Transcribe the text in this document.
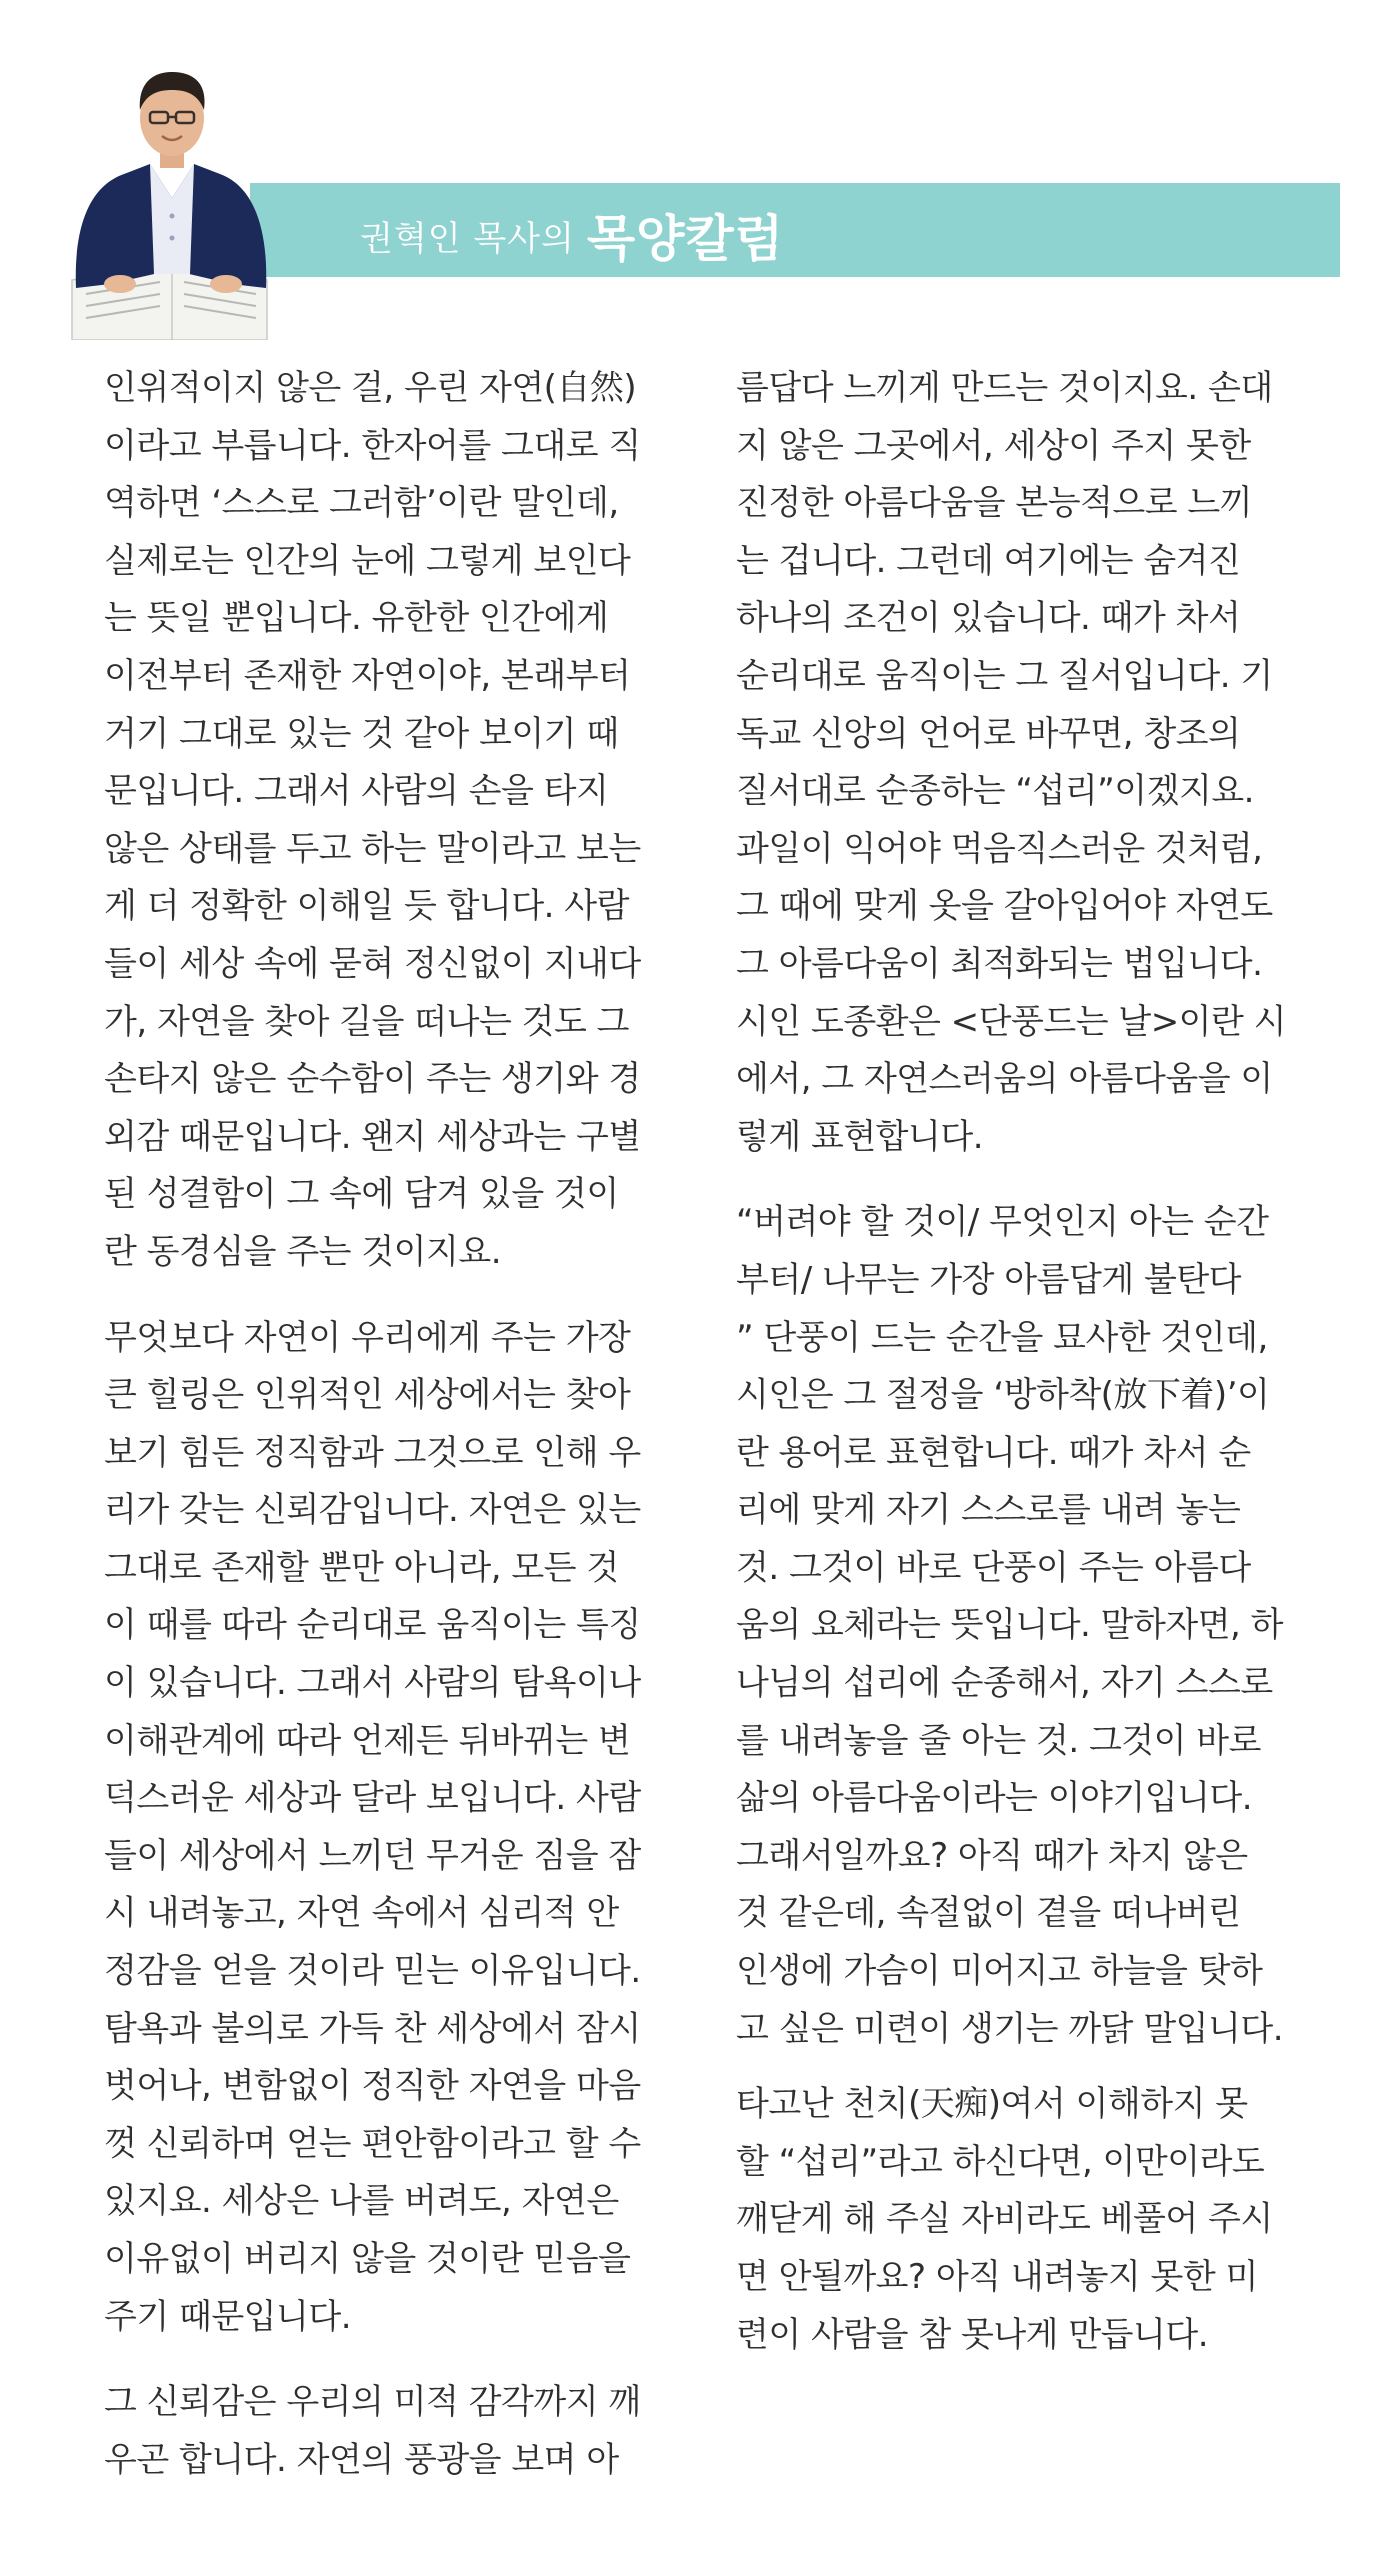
권혁인 목사의 목양칼럼

인위적이지 않은 걸, 우린 자연(自然)
이라고 부릅니다. 한자어를 그대로 직
역하면 ‘스스로 그러함’이란 말인데,
실제로는 인간의 눈에 그렇게 보인다
는 뜻일 뿐입니다. 유한한 인간에게
이전부터 존재한 자연이야, 본래부터
거기 그대로 있는 것 같아 보이기 때
문입니다. 그래서 사람의 손을 타지
않은 상태를 두고 하는 말이라고 보는
게 더 정확한 이해일 듯 합니다. 사람
들이 세상 속에 묻혀 정신없이 지내다
가, 자연을 찾아 길을 떠나는 것도 그
손타지 않은 순수함이 주는 생기와 경
외감 때문입니다. 왠지 세상과는 구별
된 성결함이 그 속에 담겨 있을 것이
란 동경심을 주는 것이지요.

무엇보다 자연이 우리에게 주는 가장
큰 힐링은 인위적인 세상에서는 찾아
보기 힘든 정직함과 그것으로 인해 우
리가 갖는 신뢰감입니다. 자연은 있는
그대로 존재할 뿐만 아니라, 모든 것
이 때를 따라 순리대로 움직이는 특징
이 있습니다. 그래서 사람의 탐욕이나
이해관계에 따라 언제든 뒤바뀌는 변
덕스러운 세상과 달라 보입니다. 사람
들이 세상에서 느끼던 무거운 짐을 잠
시 내려놓고, 자연 속에서 심리적 안
정감을 얻을 것이라 믿는 이유입니다.
탐욕과 불의로 가득 찬 세상에서 잠시
벗어나, 변함없이 정직한 자연을 마음
껏 신뢰하며 얻는 편안함이라고 할 수
있지요. 세상은 나를 버려도, 자연은
이유없이 버리지 않을 것이란 믿음을
주기 때문입니다.

그 신뢰감은 우리의 미적 감각까지 깨
우곤 합니다. 자연의 풍광을 보며 아

름답다 느끼게 만드는 것이지요. 손대
지 않은 그곳에서, 세상이 주지 못한
진정한 아름다움을 본능적으로 느끼
는 겁니다. 그런데 여기에는 숨겨진
하나의 조건이 있습니다. 때가 차서
순리대로 움직이는 그 질서입니다. 기
독교 신앙의 언어로 바꾸면, 창조의
질서대로 순종하는 “섭리”이겠지요.
과일이 익어야 먹음직스러운 것처럼,
그 때에 맞게 옷을 갈아입어야 자연도
그 아름다움이 최적화되는 법입니다.
시인 도종환은 <단풍드는 날>이란 시
에서, 그 자연스러움의 아름다움을 이
렇게 표현합니다.

“버려야 할 것이/ 무엇인지 아는 순간
부터/ 나무는 가장 아름답게 불탄다
” 단풍이 드는 순간을 묘사한 것인데,
시인은 그 절정을 ‘방하착(放下着)’이
란 용어로 표현합니다. 때가 차서 순
리에 맞게 자기 스스로를 내려 놓는
것. 그것이 바로 단풍이 주는 아름다
움의 요체라는 뜻입니다. 말하자면, 하
나님의 섭리에 순종해서, 자기 스스로
를 내려놓을 줄 아는 것. 그것이 바로
삶의 아름다움이라는 이야기입니다.
그래서일까요? 아직 때가 차지 않은
것 같은데, 속절없이 곁을 떠나버린
인생에 가슴이 미어지고 하늘을 탓하
고 싶은 미련이 생기는 까닭 말입니다.

타고난 천치(天痴)여서 이해하지 못
할 “섭리”라고 하신다면, 이만이라도
깨닫게 해 주실 자비라도 베풀어 주시
면 안될까요? 아직 내려놓지 못한 미
련이 사람을 참 못나게 만듭니다.
